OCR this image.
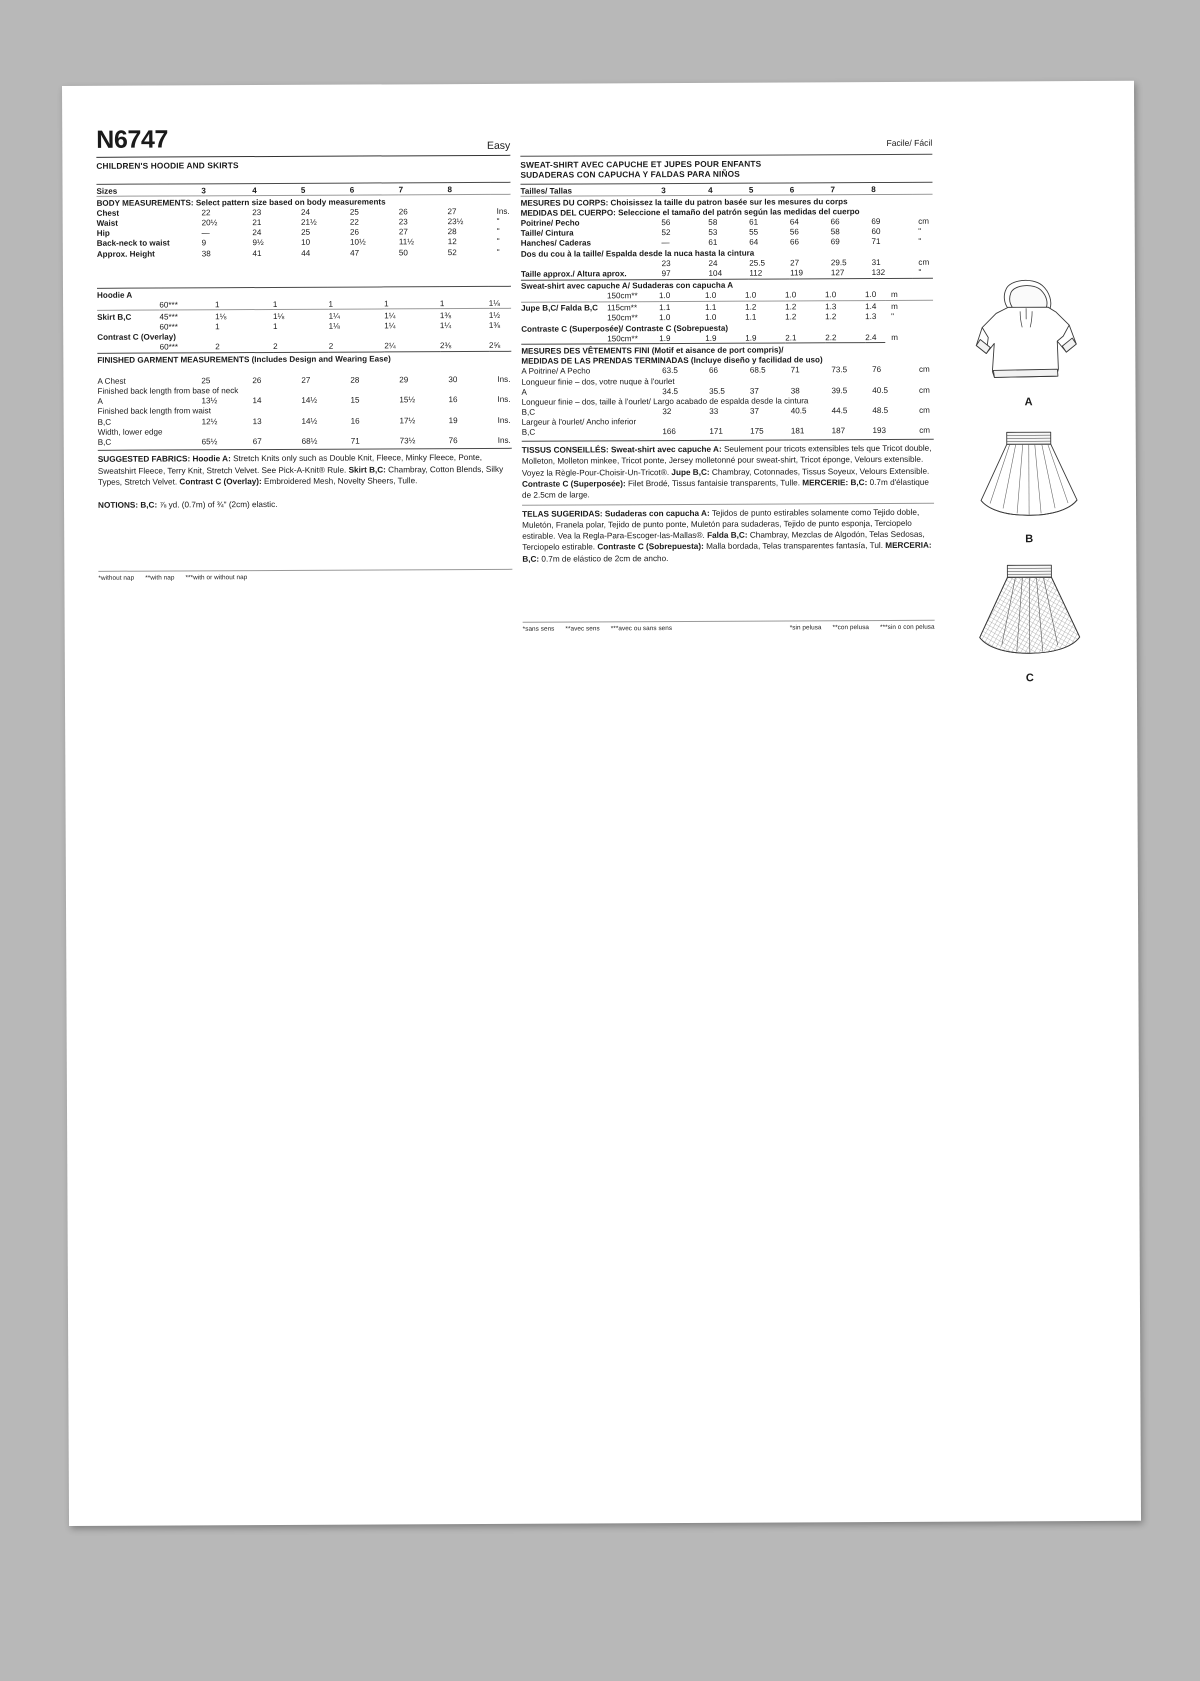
N6747	Easy
CHILDREN'S HOODIE AND SKIRTS
Sizes	3	4	5	6	7	8	
BODY MEASUREMENTS: Select pattern size based on body measurements							
Chest	22	23	24	25	26	27	Ins.
Waist	20½	21	21½	22	23	23½	"
Hip	—	24	25	26	27	28	"
Back-neck to waist	9	9½	10	10½	11½	12	"
Approx. Height	38	41	44	47	50	52	"
Hoodie A
	60***	1	1	1	1	1	1⅛
Skirt B,C	45***	1⅛	1⅛	1¼	1¼	1⅜	1½
	60***	1	1	1⅛	1¼	1¼	1⅜
Contrast C (Overlay)							
	60***	2	2	2	2¼	2⅜	2⅝
FINISHED GARMENT MEASUREMENTS (Includes Design and Wearing Ease)							
A Chest	25	26	27	28	29	30	Ins.
Finished back length from base of neck							
A	13½	14	14½	15	15½	16	Ins.
Finished back length from waist							
B,C	12½	13	14½	16	17½	19	Ins.
Width, lower edge							
B,C	65½	67	68½	71	73½	76	Ins.
SUGGESTED FABRICS: Hoodie A: Stretch Knits only such as Double Knit, Fleece, Minky Fleece, Ponte, Sweatshirt Fleece, Terry Knit, Stretch Velvet. See Pick-A-Knit® Rule. Skirt B,C: Chambray, Cotton Blends, Silky Types, Stretch Velvet. Contrast C (Overlay): Embroidered Mesh, Novelty Sheers, Tulle.
NOTIONS: B,C: ⅞ yd. (0.7m) of ¾" (2cm) elastic.
*without nap **with nap ***with or without nap
Facile/ Fácil
SWEAT-SHIRT AVEC CAPUCHE ET JUPES POUR ENFANTS
SUDADERAS CON CAPUCHA Y FALDAS PARA NIÑOS
Tailles/ Tallas	3	4	5	6	7	8	
MESURES DU CORPS: Choisissez la taille du patron basée sur les mesures du corps							
MEDIDAS DEL CUERPO: Seleccione el tamaño del patrón según las medidas del cuerpo							
Poitrine/ Pecho	56	58	61	64	66	69	cm
Taille/ Cintura	52	53	55	56	58	60	"
Hanches/ Caderas	—	61	64	66	69	71	"
Dos du cou à la taille/ Espalda desde la nuca hasta la cintura							
	23	24	25.5	27	29.5	31	cm
Taille approx./ Altura aprox.	97	104	112	119	127	132	"
Sweat-shirt avec capuche A/ Sudaderas con capucha A							
	150cm**	1.0	1.0	1.0	1.0	1.0	1.0	m
Jupe B,C/ Falda B,C	115cm**	1.1	1.1	1.2	1.2	1.3	1.4	m
	150cm**	1.0	1.0	1.1	1.2	1.2	1.3	"
Contraste C (Superposée)/ Contraste C (Sobrepuesta)								
	150cm**	1.9	1.9	1.9	2.1	2.2	2.4	m
MESURES DES VÊTEMENTS FINI (Motif et aisance de port compris)/								
MEDIDAS DE LAS PRENDAS TERMINADAS (Incluye diseño y facilidad de uso)								
A Poitrine/ A Pecho	63.5	66	68.5	71	73.5	76	cm
Longueur finie – dos, votre nuque à l'ourlet							
A	34.5	35.5	37	38	39.5	40.5	cm
Longueur finie – dos, taille à l'ourlet/ Largo acabado de espalda desde la cintura							
B,C	32	33	37	40.5	44.5	48.5	cm
Largeur à l'ourlet/ Ancho inferior							
B,C	166	171	175	181	187	193	cm
TISSUS CONSEILLÉS: Sweat-shirt avec capuche A: Seulement pour tricots extensibles tels que Tricot double, Molleton, Molleton minkee, Tricot ponte, Jersey molletonné pour sweat-shirt, Tricot éponge, Velours extensible. Voyez la Règle-Pour-Choisir-Un-Tricot®. Jupe B,C: Chambray, Cotonnades, Tissus Soyeux, Velours Extensible. Contraste C (Superposée): Filet Brodé, Tissus fantaisie transparents, Tulle. MERCERIE: B,C: 0.7m d'élastique de 2.5cm de large.
TELAS SUGERIDAS: Sudaderas con capucha A: Tejidos de punto estirables solamente como Tejido doble, Muletón, Franela polar, Tejido de punto ponte, Muletón para sudaderas, Tejido de punto esponja, Terciopelo estirable. Vea la Regla-Para-Escoger-las-Mallas®. Falda B,C: Chambray, Mezclas de Algodón, Telas Sedosas, Terciopelo estirable. Contraste C (Sobrepuesta): Malla bordada, Telas transparentes fantasía, Tul. MERCERIA: B,C: 0.7m de elástico de 2cm de ancho.
*sans sens **avec sens ***avec ou sans sens	*sin pelusa **con pelusa ***sin o con pelusa
A
B
C
